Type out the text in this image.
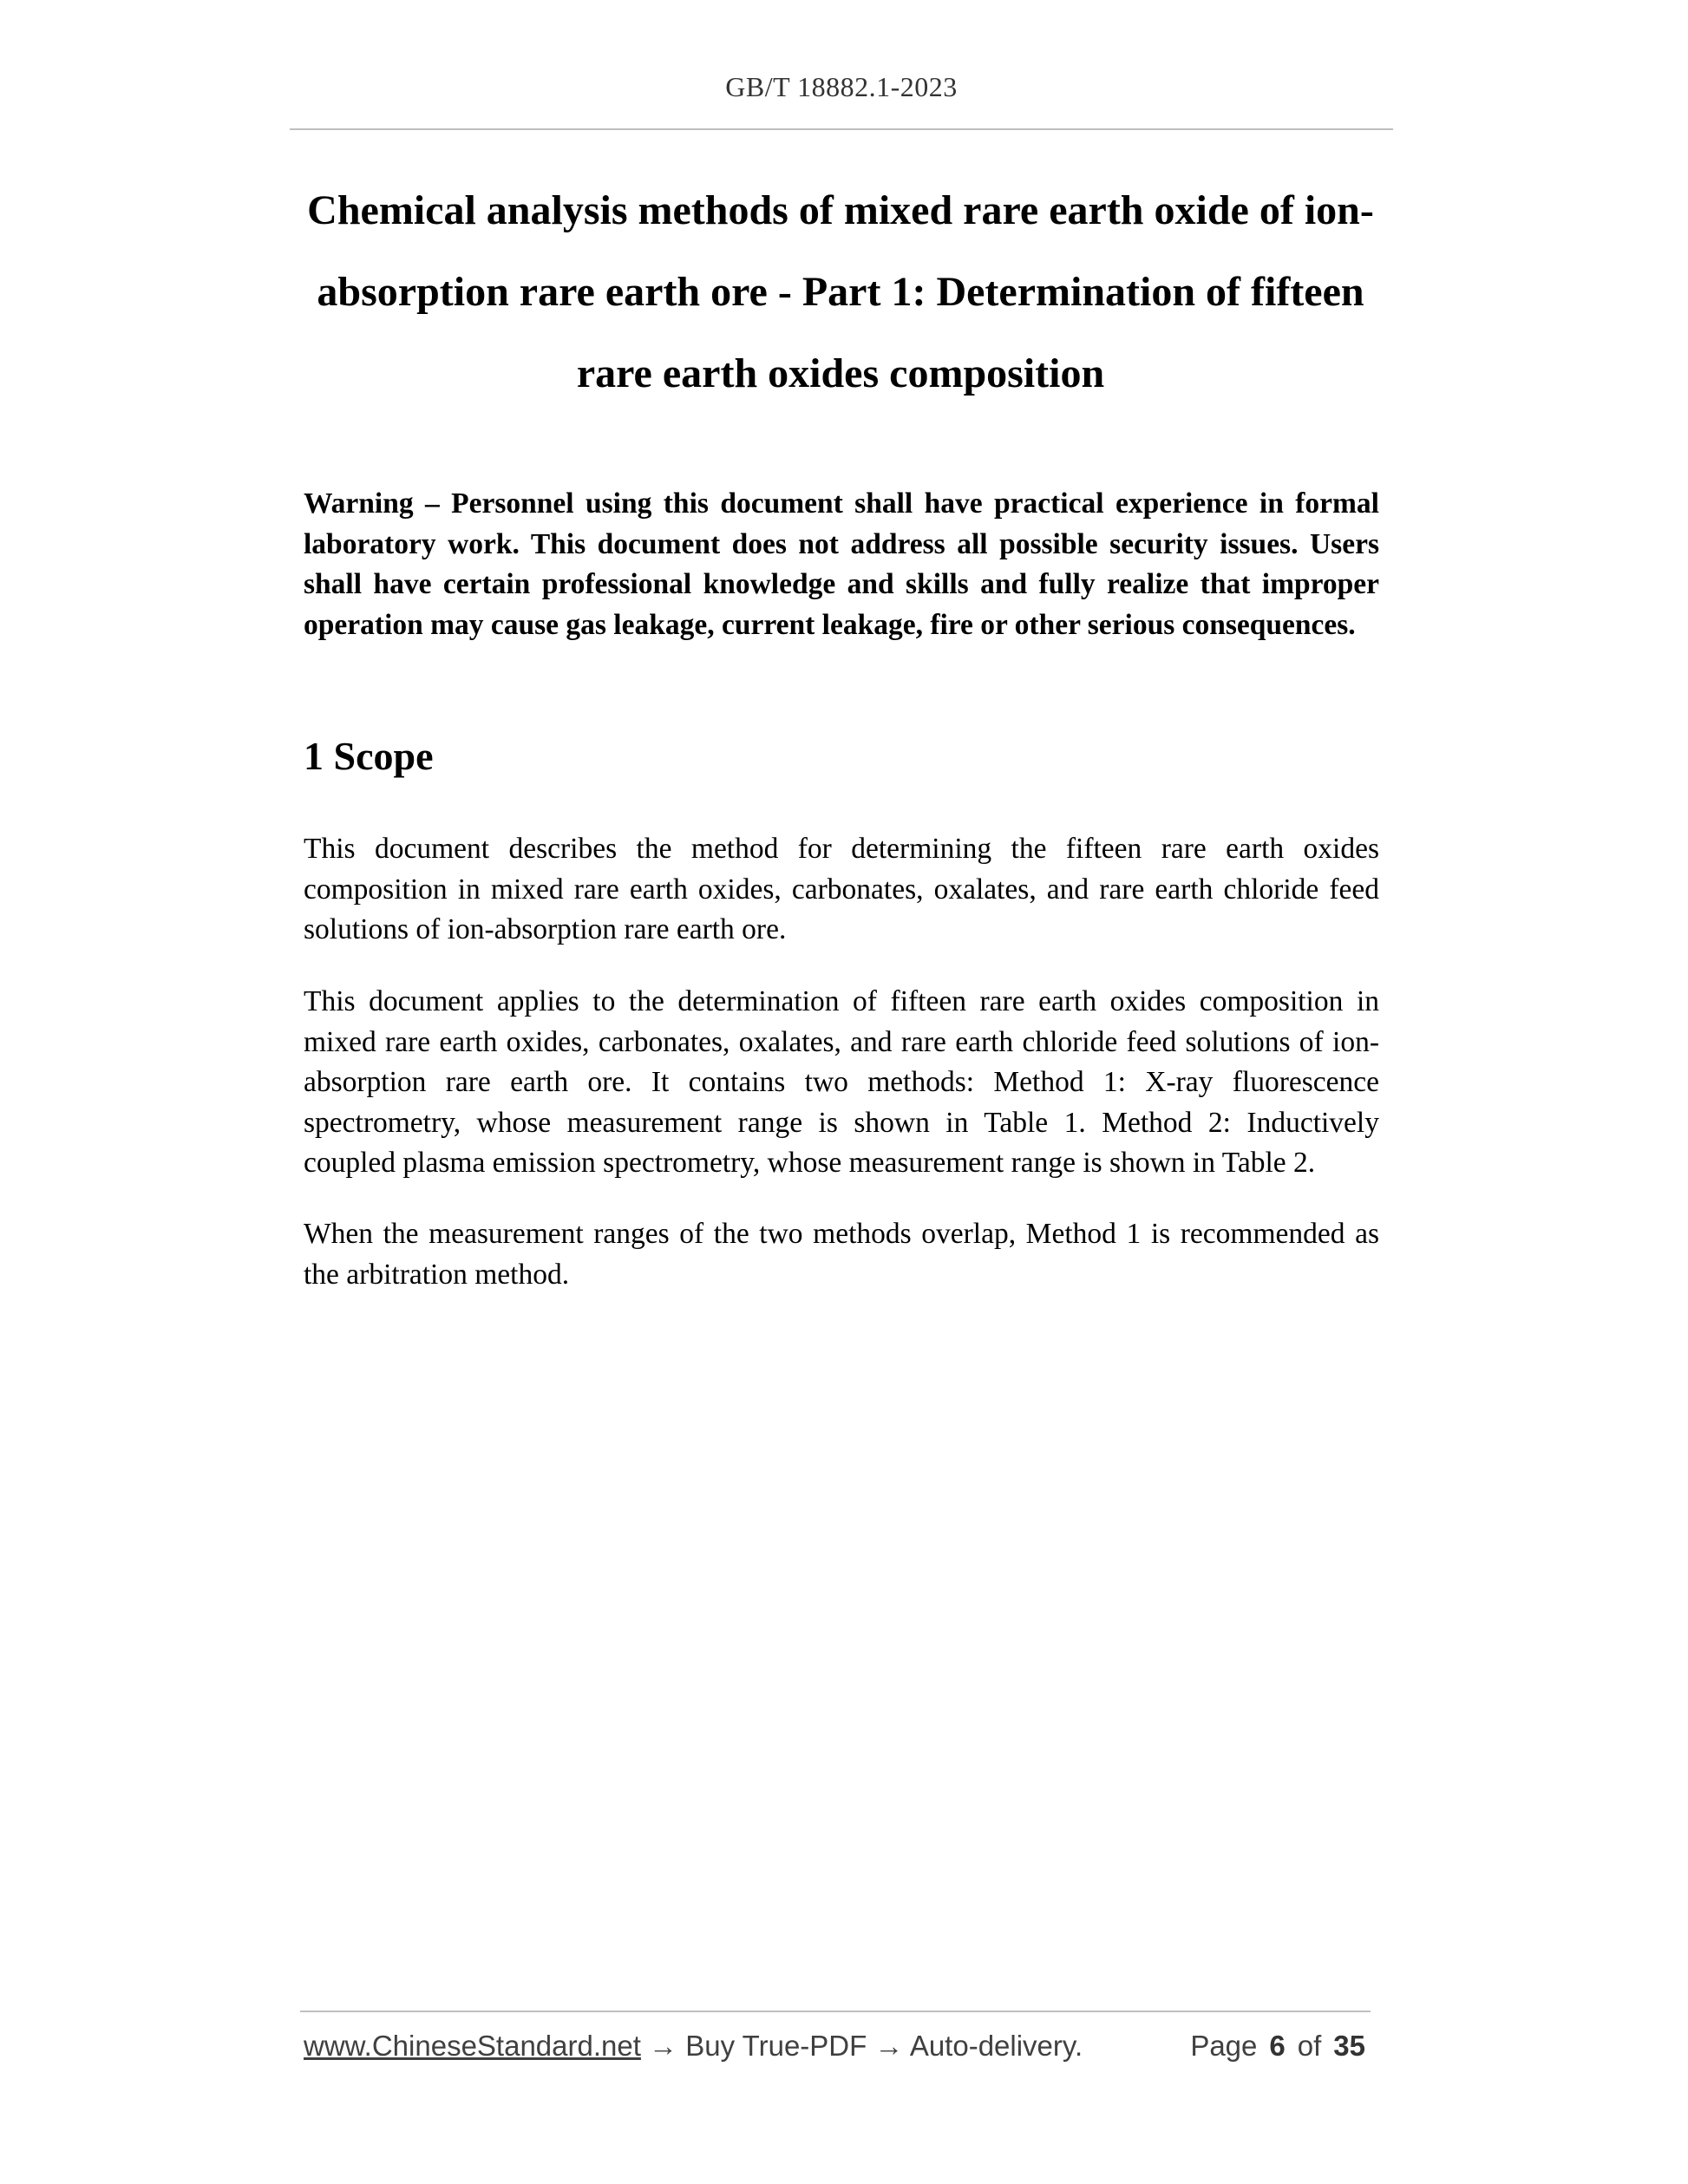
GB/T 18882.1-2023
Chemical analysis methods of mixed rare earth oxide of ion-absorption rare earth ore - Part 1: Determination of fifteen rare earth oxides composition

Warning – Personnel using this document shall have practical experience in formal laboratory work. This document does not address all possible security issues. Users shall have certain professional knowledge and skills and fully realize that improper operation may cause gas leakage, current leakage, fire or other serious consequences.

1 Scope

This document describes the method for determining the fifteen rare earth oxides composition in mixed rare earth oxides, carbonates, oxalates, and rare earth chloride feed solutions of ion-absorption rare earth ore.

This document applies to the determination of fifteen rare earth oxides composition in mixed rare earth oxides, carbonates, oxalates, and rare earth chloride feed solutions of ion-absorption rare earth ore. It contains two methods: Method 1: X-ray fluorescence spectrometry, whose measurement range is shown in Table 1. Method 2: Inductively coupled plasma emission spectrometry, whose measurement range is shown in Table 2.

When the measurement ranges of the two methods overlap, Method 1 is recommended as the arbitration method.

www.ChineseStandard.net → Buy True-PDF → Auto-delivery.	Page 6 of 35
